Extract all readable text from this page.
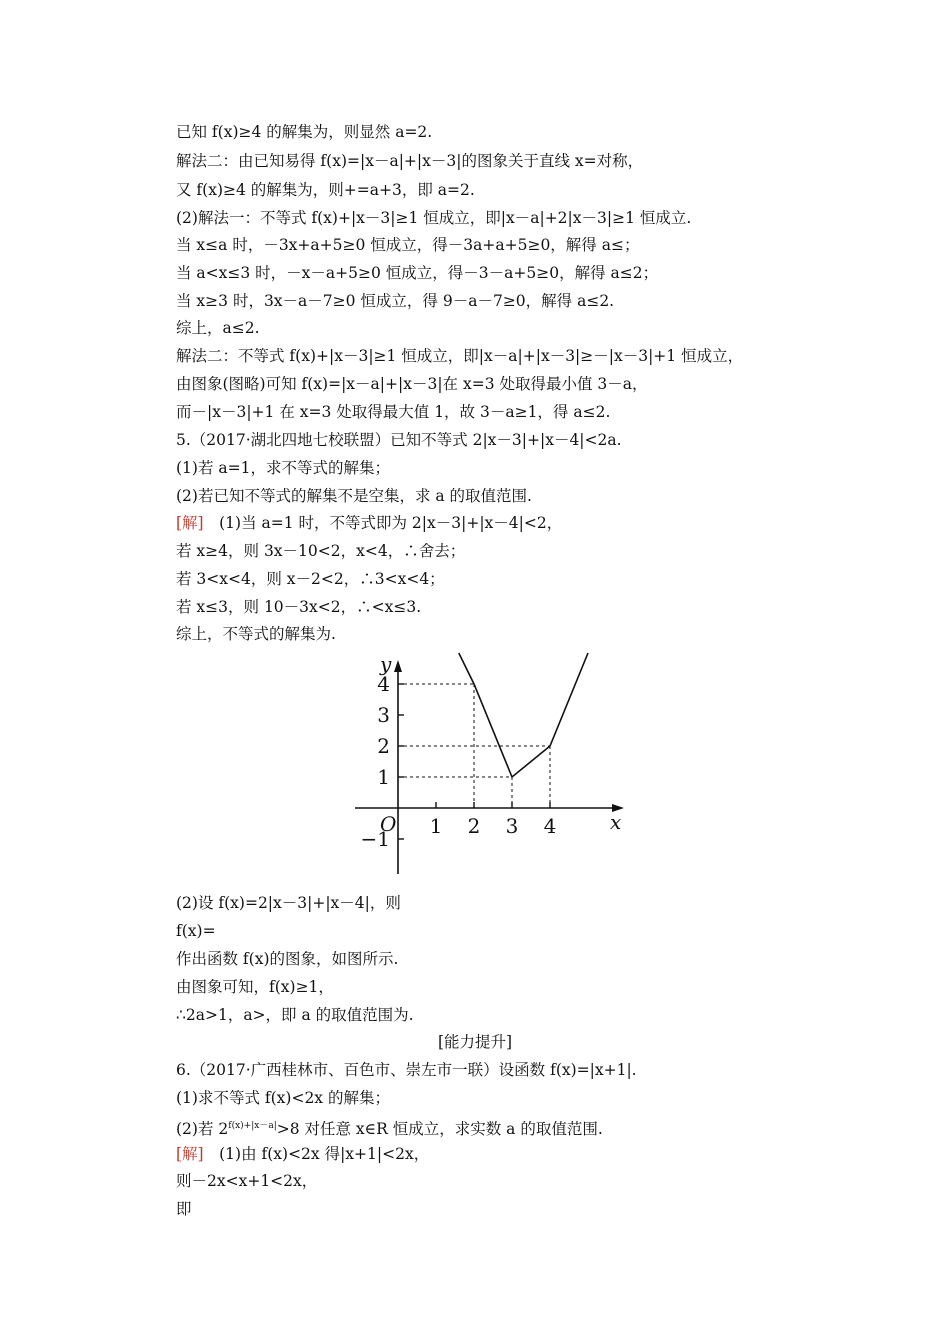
已知 f(x)≥4 的解集为，则显然 a=2.
解法二：由已知易得 f(x)=|x－a|+|x－3|的图象关于直线 x=对称，
又 f(x)≥4 的解集为，则+=a+3，即 a=2.
(2)解法一：不等式 f(x)+|x－3|≥1 恒成立，即|x－a|+2|x－3|≥1 恒成立.
当 x≤a 时，－3x+a+5≥0 恒成立，得－3a+a+5≥0，解得 a≤；
当 a<x≤3 时，－x－a+5≥0 恒成立，得－3－a+5≥0，解得 a≤2；
当 x≥3 时，3x－a－7≥0 恒成立，得 9－a－7≥0，解得 a≤2.
综上，a≤2.
解法二：不等式 f(x)+|x－3|≥1 恒成立，即|x－a|+|x－3|≥－|x－3|+1 恒成立，
由图象(图略)可知 f(x)=|x－a|+|x－3|在 x=3 处取得最小值 3－a，
而－|x－3|+1 在 x=3 处取得最大值 1，故 3－a≥1，得 a≤2.
5.（2017·湖北四地七校联盟）已知不等式 2|x－3|+|x－4|<2a.
(1)若 a=1，求不等式的解集；
(2)若已知不等式的解集不是空集，求 a 的取值范围.
[解]　(1)当 a=1 时，不等式即为 2|x－3|+|x－4|<2，
若 x≥4，则 3x－10<2，x<4，∴舍去；
若 3<x<4，则 x－2<2，∴3<x<4；
若 x≤3，则 10－3x<2，∴<x≤3.
综上，不等式的解集为.
x
y
O 1 2 3 4
4
3
2
1
−1
(2)设 f(x)=2|x－3|+|x－4|，则
f(x)=
作出函数 f(x)的图象，如图所示.
由图象可知，f(x)≥1，
∴2a>1，a>，即 a 的取值范围为.
[能力提升]
6.（2017·广西桂林市、百色市、崇左市一联）设函数 f(x)=|x+1|.
(1)求不等式 f(x)<2x 的解集；
(2)若 $2^{f(x)+|x-a|}>8$ 对任意 x∈R 恒成立，求实数 a 的取值范围.
[解]　(1)由 f(x)<2x 得|x+1|<2x，
则－2x<x+1<2x，
即
